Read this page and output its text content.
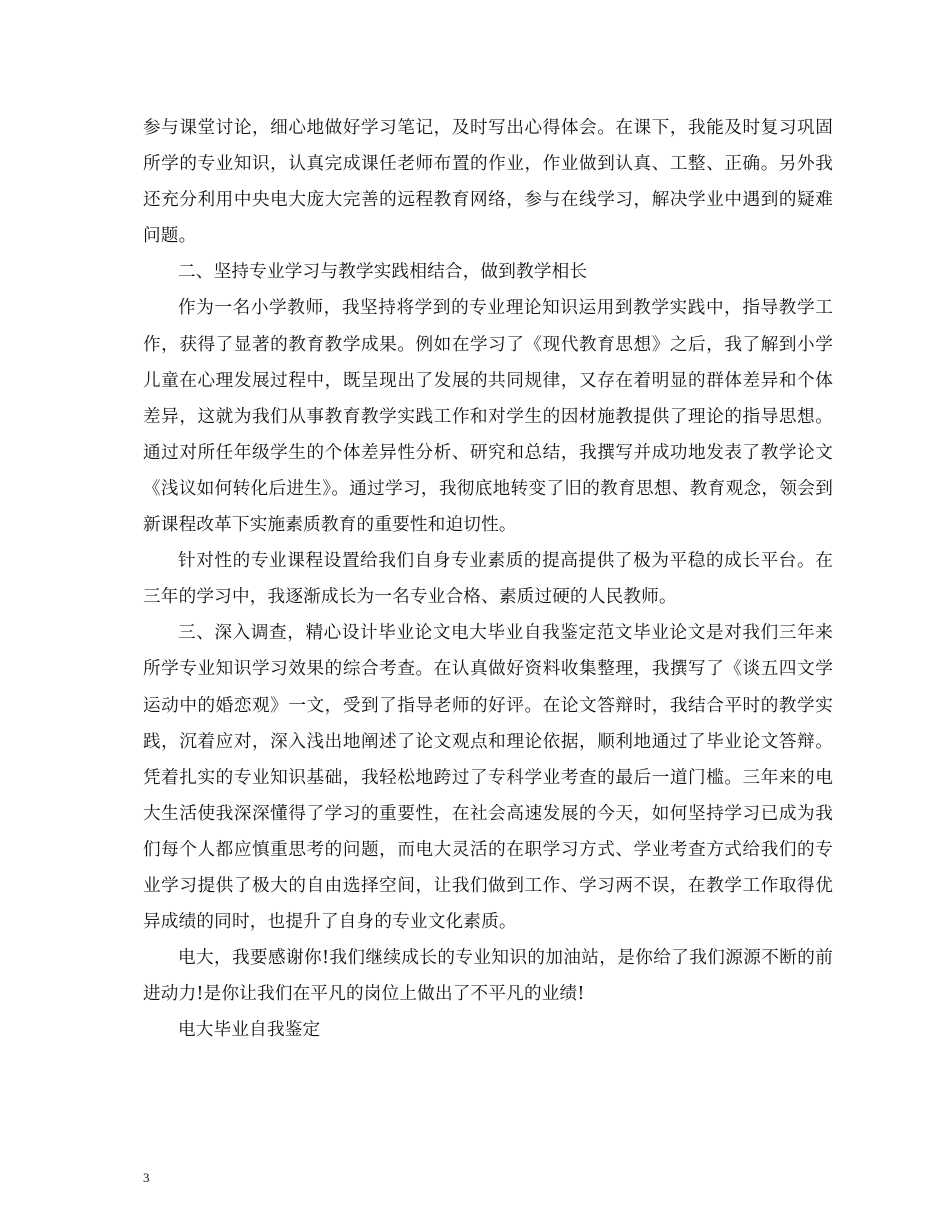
参与课堂讨论，细心地做好学习笔记，及时写出心得体会。在课下，我能及时复习巩固所学的专业知识，认真完成课任老师布置的作业，作业做到认真、工整、正确。另外我还充分利用中央电大庞大完善的远程教育网络，参与在线学习，解决学业中遇到的疑难问题。

二、坚持专业学习与教学实践相结合，做到教学相长

作为一名小学教师，我坚持将学到的专业理论知识运用到教学实践中，指导教学工作，获得了显著的教育教学成果。例如在学习了《现代教育思想》之后，我了解到小学儿童在心理发展过程中，既呈现出了发展的共同规律，又存在着明显的群体差异和个体差异，这就为我们从事教育教学实践工作和对学生的因材施教提供了理论的指导思想。通过对所任年级学生的个体差异性分析、研究和总结，我撰写并成功地发表了教学论文《浅议如何转化后进生》。通过学习，我彻底地转变了旧的教育思想、教育观念，领会到新课程改革下实施素质教育的重要性和迫切性。

针对性的专业课程设置给我们自身专业素质的提高提供了极为平稳的成长平台。在三年的学习中，我逐渐成长为一名专业合格、素质过硬的人民教师。

三、深入调查，精心设计毕业论文电大毕业自我鉴定范文毕业论文是对我们三年来所学专业知识学习效果的综合考查。在认真做好资料收集整理，我撰写了《谈五四文学运动中的婚恋观》一文，受到了指导老师的好评。在论文答辩时，我结合平时的教学实践，沉着应对，深入浅出地阐述了论文观点和理论依据，顺利地通过了毕业论文答辩。凭着扎实的专业知识基础，我轻松地跨过了专科学业考查的最后一道门槛。三年来的电大生活使我深深懂得了学习的重要性，在社会高速发展的今天，如何坚持学习已成为我们每个人都应慎重思考的问题，而电大灵活的在职学习方式、学业考查方式给我们的专业学习提供了极大的自由选择空间，让我们做到工作、学习两不误，在教学工作取得优异成绩的同时，也提升了自身的专业文化素质。

电大，我要感谢你!我们继续成长的专业知识的加油站，是你给了我们源源不断的前进动力!是你让我们在平凡的岗位上做出了不平凡的业绩!

电大毕业自我鉴定

3
